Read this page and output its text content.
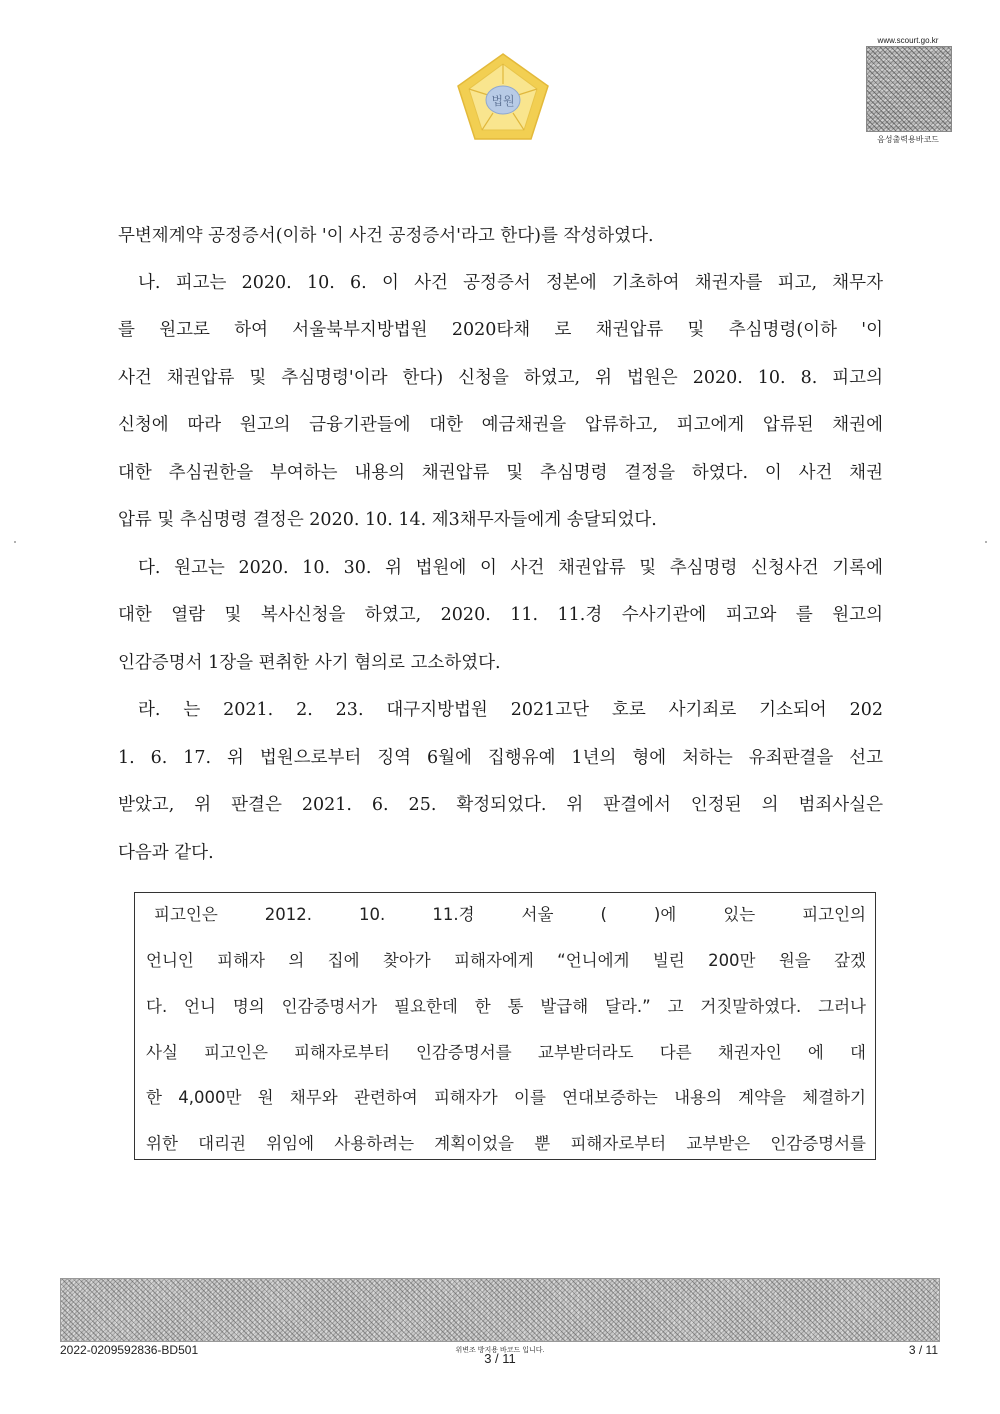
법원
www.scourt.go.kr
음성출력용바코드
무변제계약 공정증서(이하 '이 사건 공정증서'라고 한다)를 작성하였다.
나. 피고는 2020. 10. 6. 이 사건 공정증서 정본에 기초하여 채권자를 피고, 채무자
를 원고로 하여 서울북부지방법원 2020타채 로 채권압류 및 추심명령(이하 '이
사건 채권압류 및 추심명령'이라 한다) 신청을 하였고, 위 법원은 2020. 10. 8. 피고의
신청에 따라 원고의 금융기관들에 대한 예금채권을 압류하고, 피고에게 압류된 채권에
대한 추심권한을 부여하는 내용의 채권압류 및 추심명령 결정을 하였다. 이 사건 채권
압류 및 추심명령 결정은 2020. 10. 14. 제3채무자들에게 송달되었다.
다. 원고는 2020. 10. 30. 위 법원에 이 사건 채권압류 및 추심명령 신청사건 기록에
대한 열람 및 복사신청을 하였고, 2020. 11. 11.경 수사기관에 피고와 를 원고의
인감증명서 1장을 편취한 사기 혐의로 고소하였다.
라. 는 2021. 2. 23. 대구지방법원 2021고단 호로 사기죄로 기소되어 202
1. 6. 17. 위 법원으로부터 징역 6월에 집행유예 1년의 형에 처하는 유죄판결을 선고
받았고, 위 판결은 2021. 6. 25. 확정되었다. 위 판결에서 인정된 의 범죄사실은
다음과 같다.
피고인은 2012. 10. 11.경 서울 ( )에 있는 피고인의
언니인 피해자 의 집에 찾아가 피해자에게 “언니에게 빌린 200만 원을 갚겠
다. 언니 명의 인감증명서가 필요한데 한 통 발급해 달라.” 고 거짓말하였다. 그러나
사실 피고인은 피해자로부터 인감증명서를 교부받더라도 다른 채권자인 에 대
한 4,000만 원 채무와 관련하여 피해자가 이를 연대보증하는 내용의 계약을 체결하기
위한 대리권 위임에 사용하려는 계획이었을 뿐 피해자로부터 교부받은 인감증명서를
2022-0209592836-BD501	위변조 방지용 바코드 입니다.
3 / 11
3 / 11
